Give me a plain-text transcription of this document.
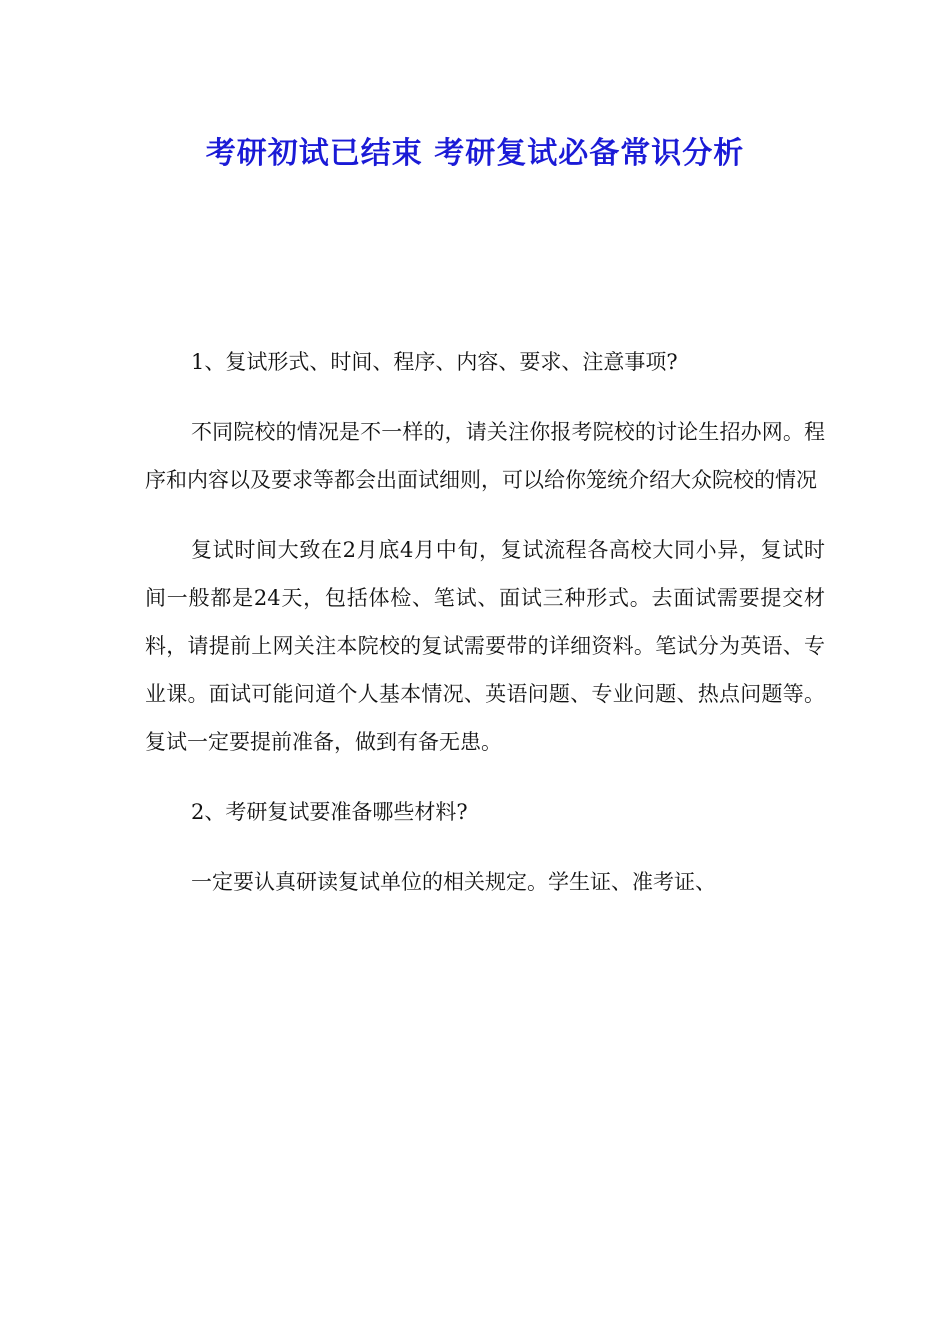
考研初试已结束 考研复试必备常识分析

1、复试形式、时间、程序、内容、要求、注意事项?

不同院校的情况是不一样的，请关注你报考院校的讨论生招办网。程序和内容以及要求等都会出面试细则，可以给你笼统介绍大众院校的情况

复试时间大致在2月底4月中旬，复试流程各高校大同小异，复试时间一般都是24天，包括体检、笔试、面试三种形式。去面试需要提交材料，请提前上网关注本院校的复试需要带的详细资料。笔试分为英语、专业课。面试可能问道个人基本情况、英语问题、专业问题、热点问题等。复试一定要提前准备，做到有备无患。

2、考研复试要准备哪些材料?

一定要认真研读复试单位的相关规定。学生证、准考证、
